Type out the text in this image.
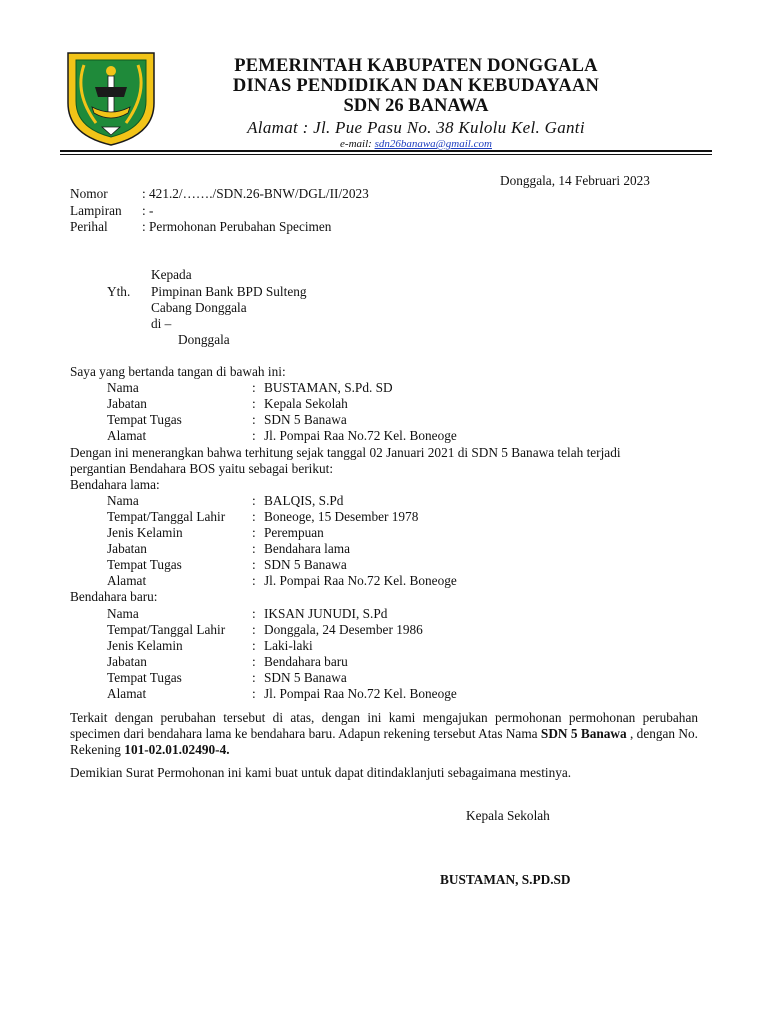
PEMERINTAH KABUPATEN DONGGALA
DINAS PENDIDIKAN DAN KEBUDAYAAN
SDN 26 BANAWA
Alamat : Jl. Pue Pasu No. 38 Kulolu Kel. Ganti
e-mail: sdn26banawa@gmail.com
Donggala, 14 Februari 2023
Nomor	: 421.2/……./SDN.26-BNW/DGL/II/2023
Lampiran : -
Perihal	: Permohonan Perubahan Specimen
Kepada
Yth. Pimpinan Bank BPD Sulteng
Cabang Donggala
di –
Donggala
Saya yang bertanda tangan di bawah ini:
Nama	: BUSTAMAN, S.Pd. SD
Jabatan	: Kepala Sekolah
Tempat Tugas	: SDN 5 Banawa
Alamat	: Jl. Pompai Raa No.72 Kel. Boneoge
Dengan ini menerangkan bahwa terhitung sejak tanggal 02 Januari 2021 di SDN 5 Banawa telah terjadi
pergantian Bendahara BOS yaitu sebagai berikut:
Bendahara lama:
Nama	: BALQIS, S.Pd
Tempat/Tanggal Lahir	: Boneoge, 15 Desember 1978
Jenis Kelamin	: Perempuan
Jabatan	: Bendahara lama
Tempat Tugas	: SDN 5 Banawa
Alamat	: Jl. Pompai Raa No.72 Kel. Boneoge
Bendahara baru:
Nama	: IKSAN JUNUDI, S.Pd
Tempat/Tanggal Lahir	: Donggala, 24 Desember 1986
Jenis Kelamin	: Laki-laki
Jabatan	: Bendahara baru
Tempat Tugas	: SDN 5 Banawa
Alamat	: Jl. Pompai Raa No.72 Kel. Boneoge
Terkait dengan perubahan tersebut di atas, dengan ini kami mengajukan permohonan permohonan perubahan specimen dari bendahara lama ke bendahara baru. Adapun rekening tersebut Atas Nama SDN 5 Banawa , dengan No. Rekening 101-02.01.02490-4.
Demikian Surat Permohonan ini kami buat untuk dapat ditindaklanjuti sebagaimana mestinya.
Kepala Sekolah
BUSTAMAN, S.PD.SD
